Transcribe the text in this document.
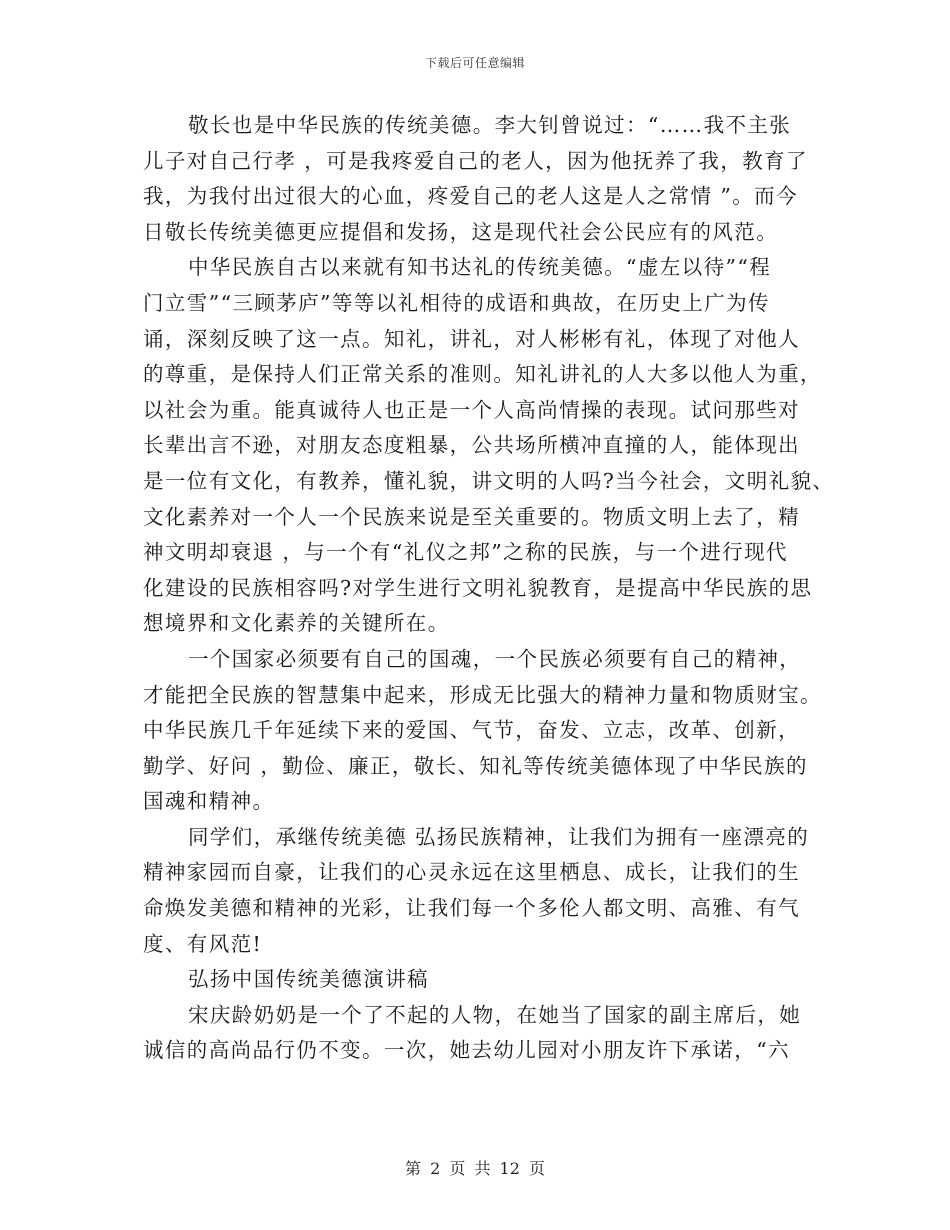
下载后可任意编辑
敬长也是中华民族的传统美德。李大钊曾说过：“……我不主张
儿子对自己行孝 ，可是我疼爱自己的老人，因为他抚养了我，教育了
我，为我付出过很大的心血，疼爱自己的老人这是人之常情 ”。而今
日敬长传统美德更应提倡和发扬，这是现代社会公民应有的风范。
中华民族自古以来就有知书达礼的传统美德。“虚左以待”“程
门立雪”“三顾茅庐”等等以礼相待的成语和典故，在历史上广为传
诵，深刻反映了这一点。知礼，讲礼，对人彬彬有礼，体现了对他人
的尊重，是保持人们正常关系的准则。知礼讲礼的人大多以他人为重，
以社会为重。能真诚待人也正是一个人高尚情操的表现。试问那些对
长辈出言不逊，对朋友态度粗暴，公共场所横冲直撞的人，能体现出
是一位有文化，有教养，懂礼貌，讲文明的人吗?当今社会，文明礼貌、
文化素养对一个人一个民族来说是至关重要的。物质文明上去了，精
神文明却衰退 ，与一个有“礼仪之邦”之称的民族，与一个进行现代
化建设的民族相容吗?对学生进行文明礼貌教育，是提高中华民族的思
想境界和文化素养的关键所在。
一个国家必须要有自己的国魂，一个民族必须要有自己的精神，
才能把全民族的智慧集中起来，形成无比强大的精神力量和物质财宝。
中华民族几千年延续下来的爱国、气节，奋发、立志，改革、创新，
勤学、好问 ，勤俭、廉正，敬长、知礼等传统美德体现了中华民族的
国魂和精神。
同学们，承继传统美德 弘扬民族精神，让我们为拥有一座漂亮的
精神家园而自豪，让我们的心灵永远在这里栖息、成长，让我们的生
命焕发美德和精神的光彩，让我们每一个多伦人都文明、高雅、有气
度、有风范!
弘扬中国传统美德演讲稿
宋庆龄奶奶是一个了不起的人物，在她当了国家的副主席后，她
诚信的高尚品行仍不变。一次，她去幼儿园对小朋友许下承诺，“六
第 2 页 共 12 页
